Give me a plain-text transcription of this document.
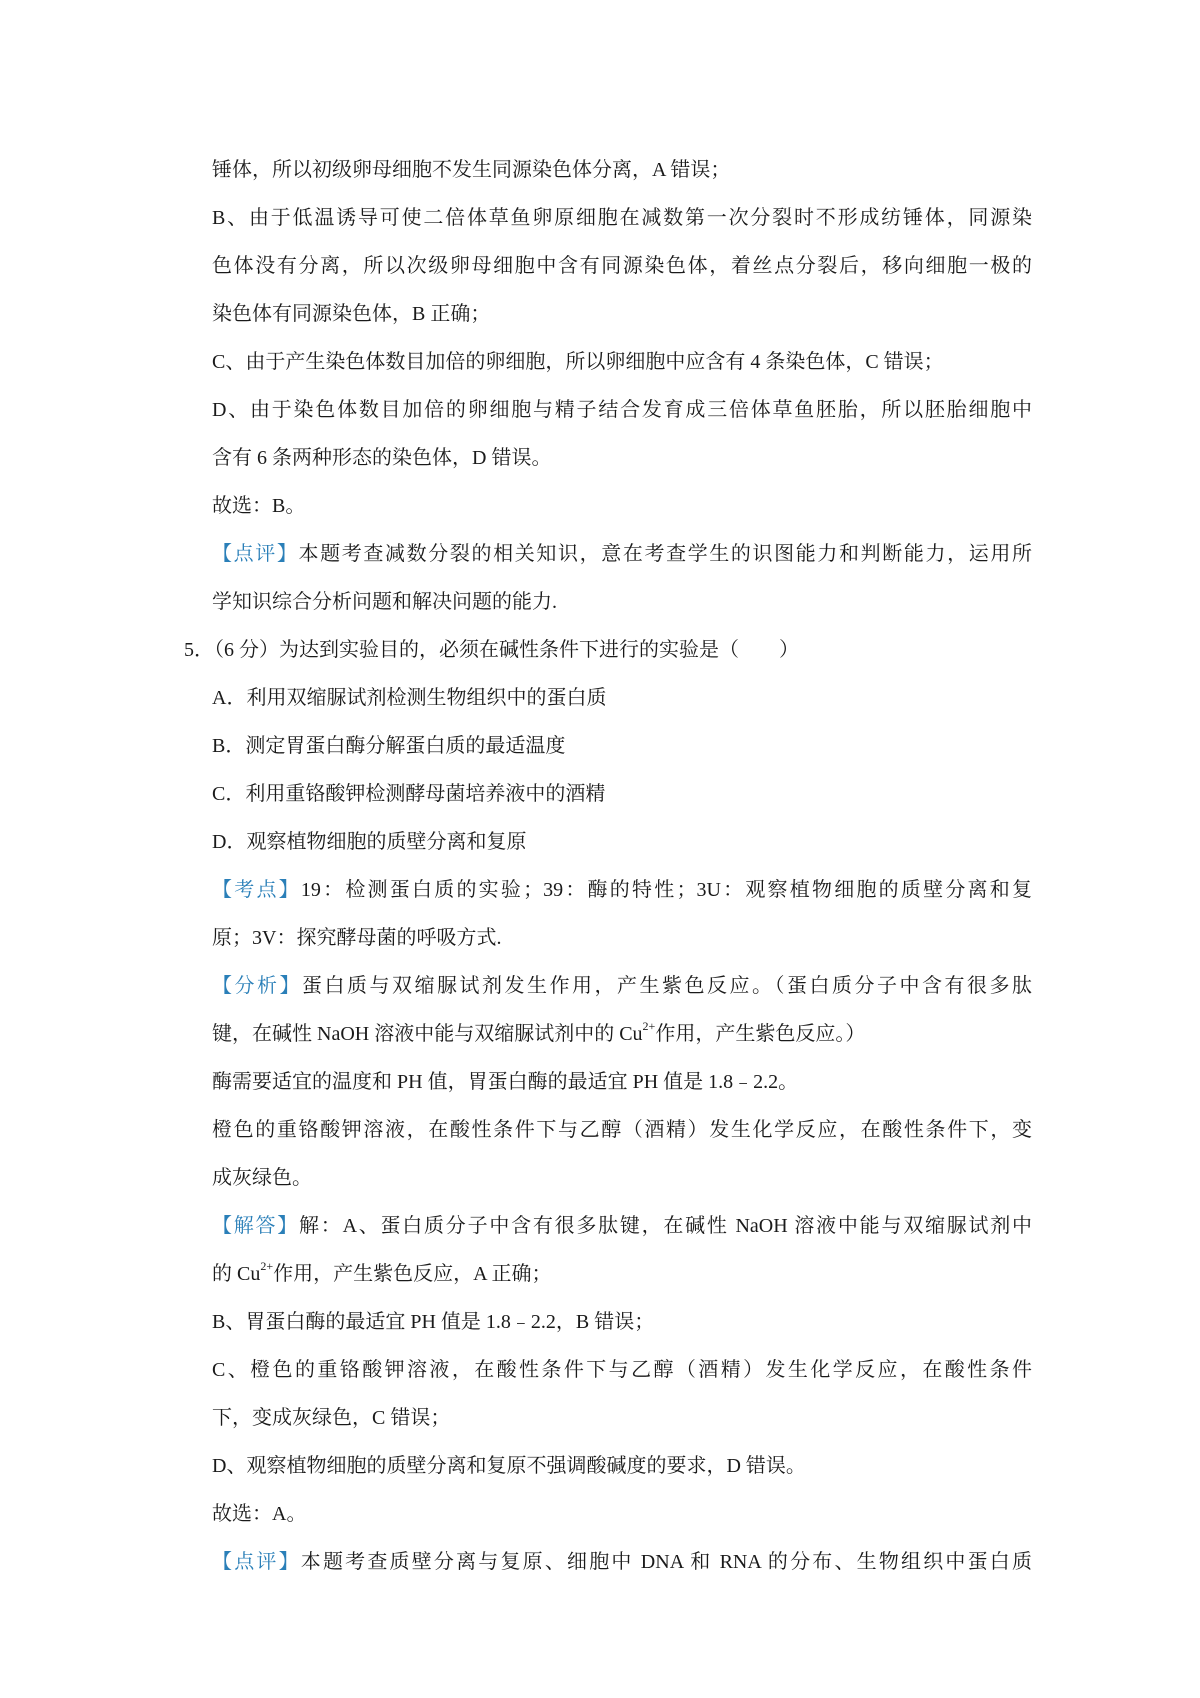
锤体，所以初级卵母细胞不发生同源染色体分离，A 错误；
B、由于低温诱导可使二倍体草鱼卵原细胞在减数第一次分裂时不形成纺锤体，同源染
色体没有分离，所以次级卵母细胞中含有同源染色体，着丝点分裂后，移向细胞一极的
染色体有同源染色体，B 正确；
C、由于产生染色体数目加倍的卵细胞，所以卵细胞中应含有 4 条染色体，C 错误；
D、由于染色体数目加倍的卵细胞与精子结合发育成三倍体草鱼胚胎，所以胚胎细胞中
含有 6 条两种形态的染色体，D 错误。
故选：B。
【点评】本题考查减数分裂的相关知识，意在考查学生的识图能力和判断能力，运用所
学知识综合分析问题和解决问题的能力.
5．（6 分）为达到实验目的，必须在碱性条件下进行的实验是（　　）
A．利用双缩脲试剂检测生物组织中的蛋白质
B．测定胃蛋白酶分解蛋白质的最适温度
C．利用重铬酸钾检测酵母菌培养液中的酒精
D．观察植物细胞的质壁分离和复原
【考点】19：检测蛋白质的实验；39：酶的特性；3U：观察植物细胞的质壁分离和复
原；3V：探究酵母菌的呼吸方式.
【分析】蛋白质与双缩脲试剂发生作用，产生紫色反应。（蛋白质分子中含有很多肽
键，在碱性 NaOH 溶液中能与双缩脲试剂中的 $Cu^{2+}$作用，产生紫色反应。）
酶需要适宜的温度和 PH 值，胃蛋白酶的最适宜 PH 值是 1.8﹣2.2。
橙色的重铬酸钾溶液，在酸性条件下与乙醇（酒精）发生化学反应，在酸性条件下，变
成灰绿色。
【解答】解：A、蛋白质分子中含有很多肽键，在碱性 NaOH 溶液中能与双缩脲试剂中
的 $Cu^{2+}$作用，产生紫色反应，A 正确；
B、胃蛋白酶的最适宜 PH 值是 1.8﹣2.2，B 错误；
C、橙色的重铬酸钾溶液，在酸性条件下与乙醇（酒精）发生化学反应，在酸性条件
下，变成灰绿色，C 错误；
D、观察植物细胞的质壁分离和复原不强调酸碱度的要求，D 错误。
故选：A。
【点评】本题考查质壁分离与复原、细胞中 DNA 和 RNA 的分布、生物组织中蛋白质
